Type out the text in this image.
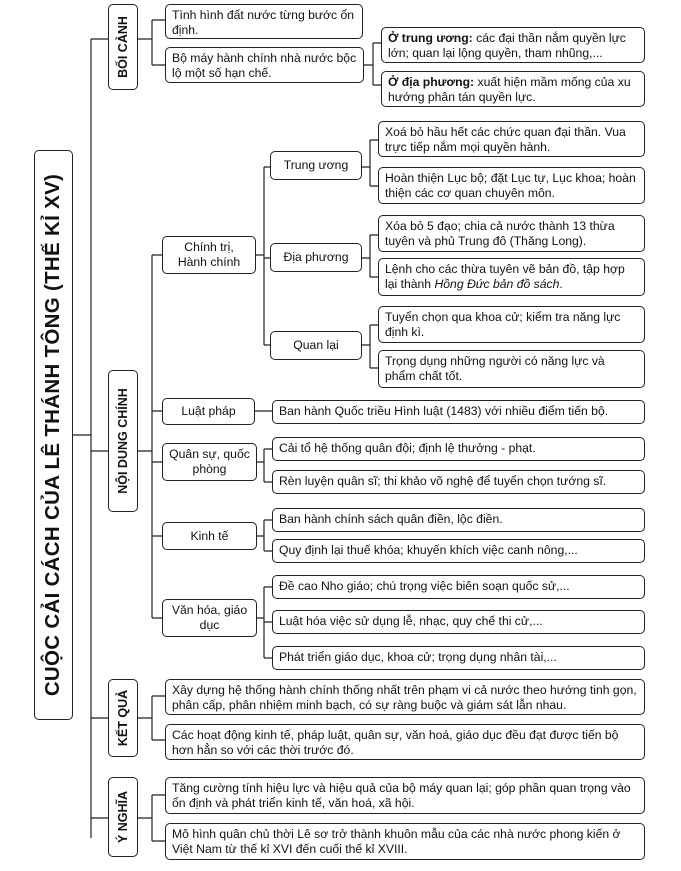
CUỘC CẢI CÁCH CỦA LÊ THÁNH TÔNG (THẾ KỈ XV)
BỐI CẢNH
NỘI DUNG CHÍNH
KẾT QUẢ
Ý NGHĨA
Tình hình đất nước từng bước ổn định.
Bộ máy hành chính nhà nước bộc lộ một số hạn chế.
Ở trung ương: các đại thần nắm quyền lực lớn; quan lại lộng quyền, tham nhũng,...
Ở địa phương: xuất hiện mầm mống của xu hướng phân tán quyền lực.
Chính trị, Hành chính
Trung ương
Xoá bỏ hầu hết các chức quan đại thần. Vua trực tiếp nắm mọi quyền hành.
Hoàn thiện Lục bộ; đặt Lục tự, Lục khoa; hoàn thiện các cơ quan chuyên môn.
Địa phương
Xóa bỏ 5 đạo; chia cả nước thành 13 thừa tuyên và phủ Trung đô (Thăng Long).
Lệnh cho các thừa tuyên vẽ bản đồ, tập hợp lại thành Hồng Đức bản đồ sách.
Quan lại
Tuyển chọn qua khoa cử; kiểm tra năng lực định kì.
Trọng dụng những người có năng lực và phẩm chất tốt.
Luật pháp	Ban hành Quốc triều Hình luật (1483) với nhiều điểm tiến bộ.
Quân sự, quốc phòng
Cải tổ hệ thống quân đội; định lệ thưởng - phạt.
Rèn luyện quân sĩ; thi khảo võ nghệ để tuyển chọn tướng sĩ.
Kinh tế
Ban hành chính sách quân điền, lộc điền.
Quy định lại thuế khóa; khuyến khích việc canh nông,...
Văn hóa, giáo dục
Đề cao Nho giáo; chú trọng việc biên soạn quốc sử,...
Luật hóa việc sử dụng lễ, nhạc, quy chế thi cử,...
Phát triển giáo dục, khoa cử; trọng dụng nhân tài,...
Xây dựng hệ thống hành chính thống nhất trên phạm vi cả nước theo hướng tinh gọn, phân cấp, phân nhiệm minh bạch, có sự ràng buộc và giám sát lẫn nhau.
Các hoạt động kinh tế, pháp luật, quân sự, văn hoá, giáo dục đều đạt được tiến bộ hơn hẳn so với các thời trước đó.
Tăng cường tính hiệu lực và hiệu quả của bộ máy quan lại; góp phần quan trọng vào ổn định và phát triển kinh tế, văn hoá, xã hội.
Mô hình quân chủ thời Lê sơ trở thành khuôn mẫu của các nhà nước phong kiến ở Việt Nam từ thế kỉ XVI đến cuối thế kỉ XVIII.
